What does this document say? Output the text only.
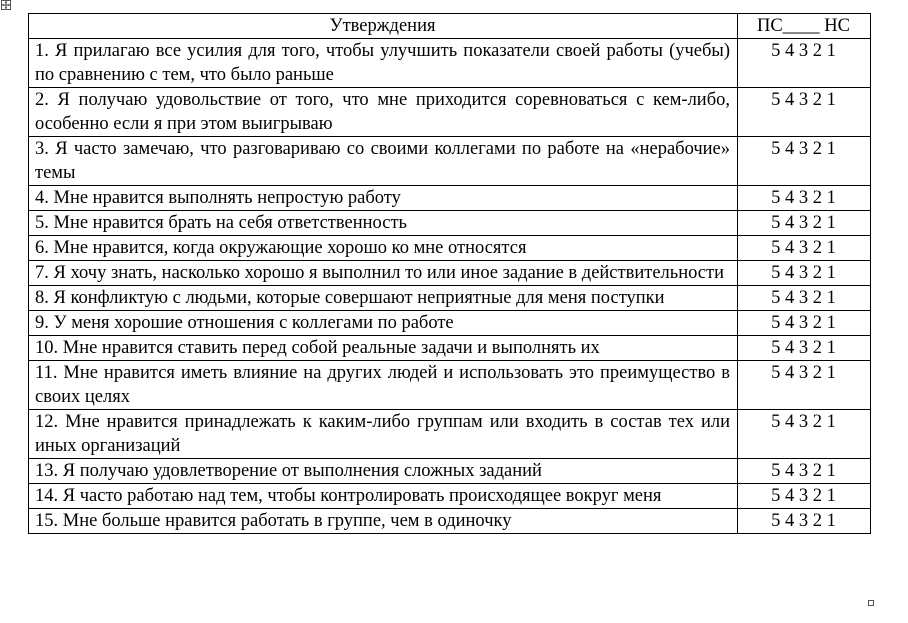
Утверждения	ПС____ НС
1. Я прилагаю все усилия для того, чтобы улучшить показатели своей работы (учебы) по сравнению с тем, что было раньше	5 4 3 2 1
2. Я получаю удовольствие от того, что мне приходится соревноваться с кем-либо, особенно если я при этом выигрываю	5 4 3 2 1
3. Я часто замечаю, что разговариваю со своими коллегами по работе на «нерабочие» темы	5 4 3 2 1
4. Мне нравится выполнять непростую работу	5 4 3 2 1
5. Мне нравится брать на себя ответственность	5 4 3 2 1
6. Мне нравится, когда окружающие хорошо ко мне относятся	5 4 3 2 1
7. Я хочу знать, насколько хорошо я выполнил то или иное задание в действительности	5 4 3 2 1
8. Я конфликтую с людьми, которые совершают неприятные для меня поступки	5 4 3 2 1
9. У меня хорошие отношения с коллегами по работе	5 4 3 2 1
10. Мне нравится ставить перед собой реальные задачи и выполнять их	5 4 3 2 1
11. Мне нравится иметь влияние на других людей и использовать это преимущество в своих целях	5 4 3 2 1
12. Мне нравится принадлежать к каким-либо группам или входить в состав тех или иных организаций	5 4 3 2 1
13. Я получаю удовлетворение от выполнения сложных заданий	5 4 3 2 1
14. Я часто работаю над тем, чтобы контролировать происходящее вокруг меня	5 4 3 2 1
15. Мне больше нравится работать в группе, чем в одиночку	5 4 3 2 1
